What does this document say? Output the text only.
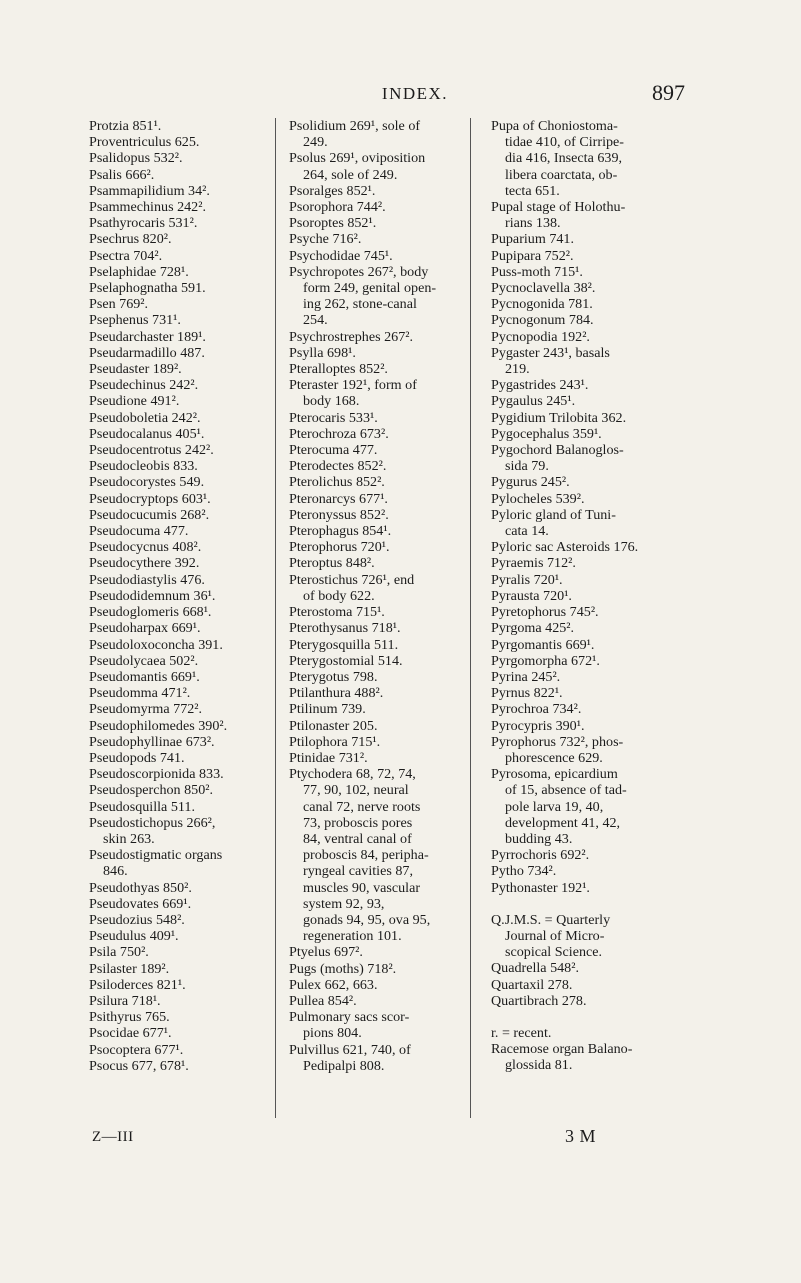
INDEX.	897

Protzia 851¹.

Proventriculus 625.

Psalidopus 532².

Psalis 666².

Psammapilidium 34².

Psammechinus 242².

Psathyrocaris 531².

Psechrus 820².

Psectra 704².

Pselaphidae 728¹.

Pselaphognatha 591.

Psen 769².

Psephenus 731¹.

Pseudarchaster 189¹.

Pseudarmadillo 487.

Pseudaster 189².

Pseudechinus 242².

Pseudione 491².

Pseudoboletia 242².

Pseudocalanus 405¹.

Pseudocentrotus 242².

Pseudocleobis 833.

Pseudocorystes 549.

Pseudocryptops 603¹.

Pseudocucumis 268².

Pseudocuma 477.

Pseudocycnus 408².

Pseudocythere 392.

Pseudodiastylis 476.

Pseudodidemnum 36¹.

Pseudoglomeris 668¹.

Pseudoharpax 669¹.

Pseudoloxoconcha 391.

Pseudolycaea 502².

Pseudomantis 669¹.

Pseudomma 471².

Pseudomyrma 772².

Pseudophilomedes 390².

Pseudophyllinae 673².

Pseudopods 741.

Pseudoscorpionida 833.

Pseudosperchon 850².

Pseudosquilla 511.

Pseudostichopus 266²,
skin 263.

Pseudostigmatic organs
846.

Pseudothyas 850².

Pseudovates 669¹.

Pseudozius 548².

Pseudulus 409¹.

Psila 750².

Psilaster 189².

Psiloderces 821¹.

Psilura 718¹.

Psithyrus 765.

Psocidae 677¹.

Psocoptera 677¹.

Psocus 677, 678¹.

Psolidium 269¹, sole of
249.

Psolus 269¹, oviposition
264, sole of 249.

Psoralges 852¹.

Psorophora 744².

Psoroptes 852¹.

Psyche 716².

Psychodidae 745¹.

Psychropotes 267², body
form 249, genital open-
ing 262, stone-canal
254.

Psychrostrephes 267².

Psylla 698¹.

Pteralloptes 852².

Pteraster 192¹, form of
body 168.

Pterocaris 533¹.

Pterochroza 673².

Pterocuma 477.

Pterodectes 852².

Pterolichus 852².

Pteronarcys 677¹.

Pteronyssus 852².

Pterophagus 854¹.

Pterophorus 720¹.

Pteroptus 848².

Pterostichus 726¹, end
of body 622.

Pterostoma 715¹.

Pterothysanus 718¹.

Pterygosquilla 511.

Pterygostomial 514.

Pterygotus 798.

Ptilanthura 488².

Ptilinum 739.

Ptilonaster 205.

Ptilophora 715¹.

Ptinidae 731².

Ptychodera 68, 72, 74,
77, 90, 102, neural
canal 72, nerve roots
73, proboscis pores
84, ventral canal of
proboscis 84, peripha-
ryngeal cavities 87,
muscles 90, vascular
system 92, 93,
gonads 94, 95, ova 95,
regeneration 101.

Ptyelus 697².

Pugs (moths) 718².

Pulex 662, 663.

Pullea 854².

Pulmonary sacs scor-
pions 804.

Pulvillus 621, 740, of
Pedipalpi 808.

Pupa of Choniostoma-
tidae 410, of Cirripe-
dia 416, Insecta 639,
libera coarctata, ob-
tecta 651.

Pupal stage of Holothu-
rians 138.

Puparium 741.

Pupipara 752².

Puss-moth 715¹.

Pycnoclavella 38².

Pycnogonida 781.

Pycnogonum 784.

Pycnopodia 192².

Pygaster 243¹, basals
219.

Pygastrides 243¹.

Pygaulus 245¹.

Pygidium Trilobita 362.

Pygocephalus 359¹.

Pygochord Balanoglos-
sida 79.

Pygurus 245².

Pylocheles 539².

Pyloric gland of Tuni-
cata 14.

Pyloric sac Asteroids 176.

Pyraemis 712².

Pyralis 720¹.

Pyrausta 720¹.

Pyretophorus 745².

Pyrgoma 425².

Pyrgomantis 669¹.

Pyrgomorpha 672¹.

Pyrina 245².

Pyrnus 822¹.

Pyrochroa 734².

Pyrocypris 390¹.

Pyrophorus 732², phos-
phorescence 629.

Pyrosoma, epicardium
of 15, absence of tad-
pole larva 19, 40,
development 41, 42,
budding 43.

Pyrrochoris 692².

Pytho 734².

Pythonaster 192¹.

Q.J.M.S. = Quarterly
Journal of Micro-
scopical Science.

Quadrella 548².

Quartaxil 278.

Quartibrach 278.

r. = recent.

Racemose organ Balano-
glossida 81.

Z—III	3 M
